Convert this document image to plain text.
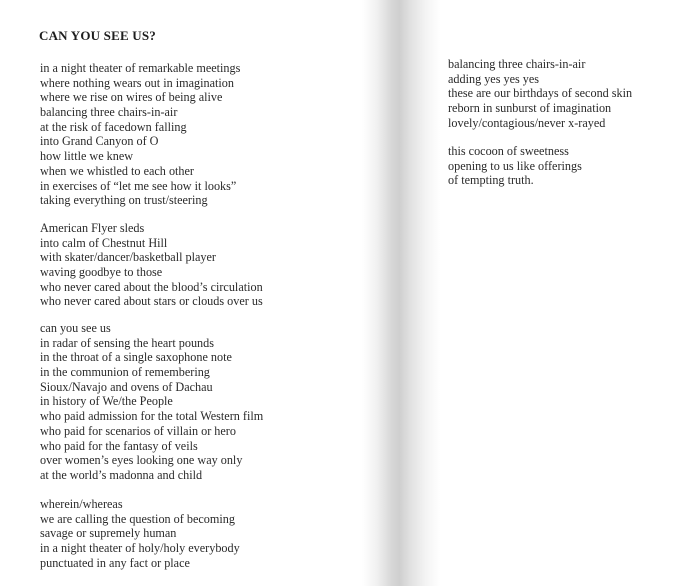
CAN YOU SEE US?
in a night theater of remarkable meetings
where nothing wears out in imagination
where we rise on wires of being alive
balancing three chairs-in-air
at the risk of facedown falling
into Grand Canyon of O
how little we knew
when we whistled to each other
in exercises of “let me see how it looks”
taking everything on trust/steering
American Flyer sleds
into calm of Chestnut Hill
with skater/dancer/basketball player
waving goodbye to those
who never cared about the blood’s circulation
who never cared about stars or clouds over us
can you see us
in radar of sensing the heart pounds
in the throat of a single saxophone note
in the communion of remembering
Sioux/Navajo and ovens of Dachau
in history of We/the People
who paid admission for the total Western film
who paid for scenarios of villain or hero
who paid for the fantasy of veils
over women’s eyes looking one way only
at the world’s madonna and child
wherein/whereas
we are calling the question of becoming
savage or supremely human
in a night theater of holy/holy everybody
punctuated in any fact or place
balancing three chairs-in-air
adding yes yes yes
these are our birthdays of second skin
reborn in sunburst of imagination
lovely/contagious/never x-rayed
this cocoon of sweetness
opening to us like offerings
of tempting truth.
